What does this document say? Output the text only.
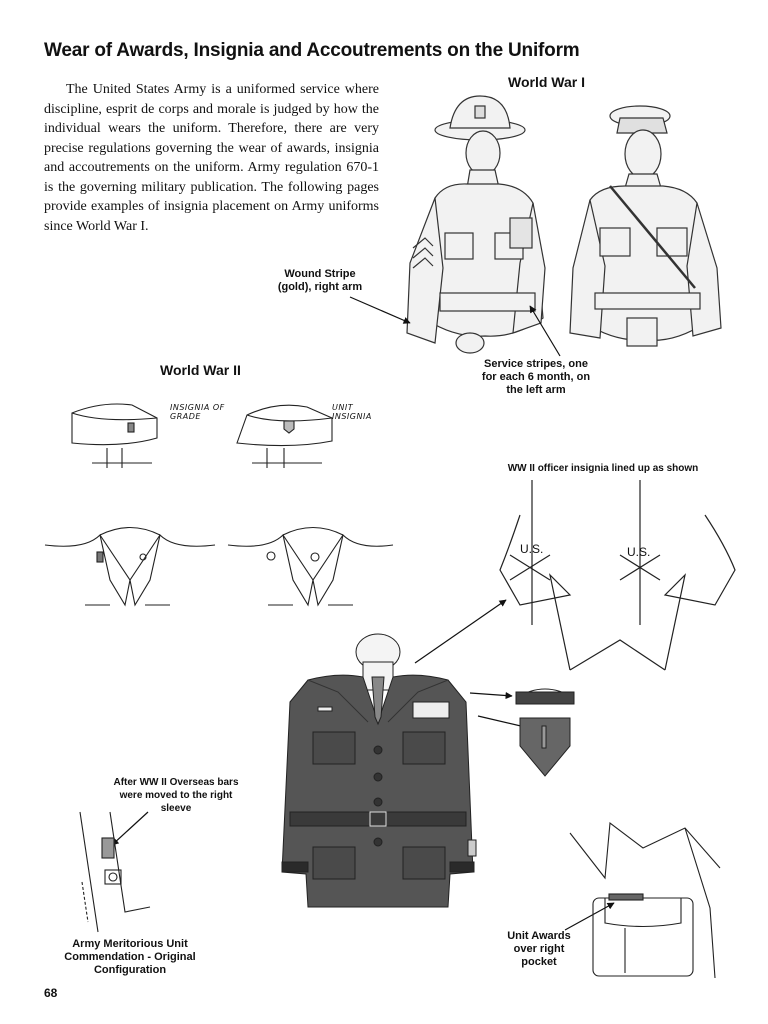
Wear of Awards, Insignia and Accoutrements on the Uniform
The United States Army is a uniformed service where discipline, esprit de corps and morale is judged by how the individual wears the uniform. Therefore, there are very precise regulations governing the wear of awards, insignia and accoutrements on the uniform. Army regulation 670-1 is the governing military publication. The following pages provide examples of insignia placement on Army uniforms since World War I.
World War I
Wound Stripe (gold), right arm
Service stripes, one for each 6 month, on the left arm
World War II
INSIGNIA OF GRADE
UNIT INSIGNIA
WW II officer insignia lined up as shown
U.S.	U.S.
After WW II Overseas bars were moved to the right sleeve
Army Meritorious Unit Commendation - Original Configuration
Unit Awards over right pocket
68
